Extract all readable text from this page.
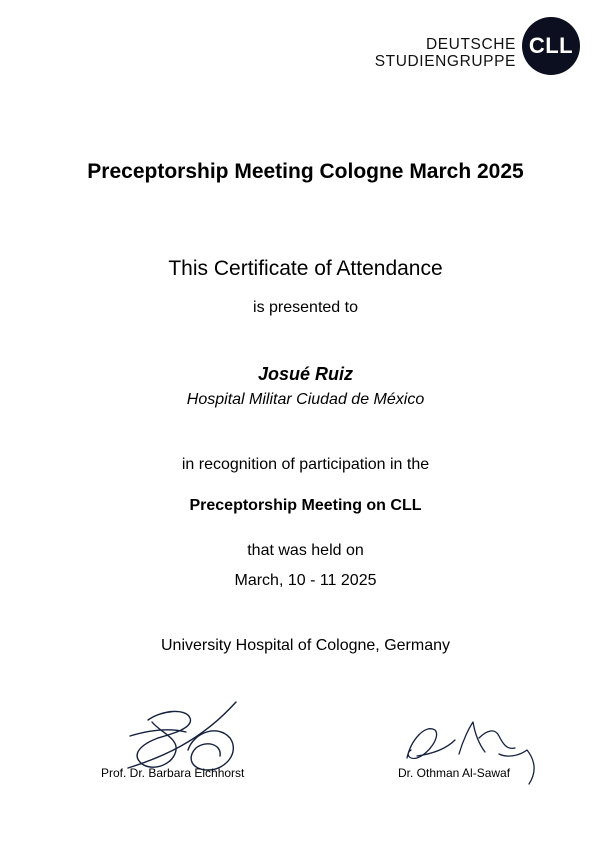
DEUTSCHE
STUDIENGRUPPE
CLL
Preceptorship Meeting Cologne March 2025
This Certificate of Attendance
is presented to
Josué Ruiz
Hospital Militar Ciudad de México
in recognition of participation in the
Preceptorship Meeting on CLL
that was held on
March, 10 - 11 2025
University Hospital of Cologne, Germany
Prof. Dr. Barbara Eichhorst	Dr. Othman Al-Sawaf
